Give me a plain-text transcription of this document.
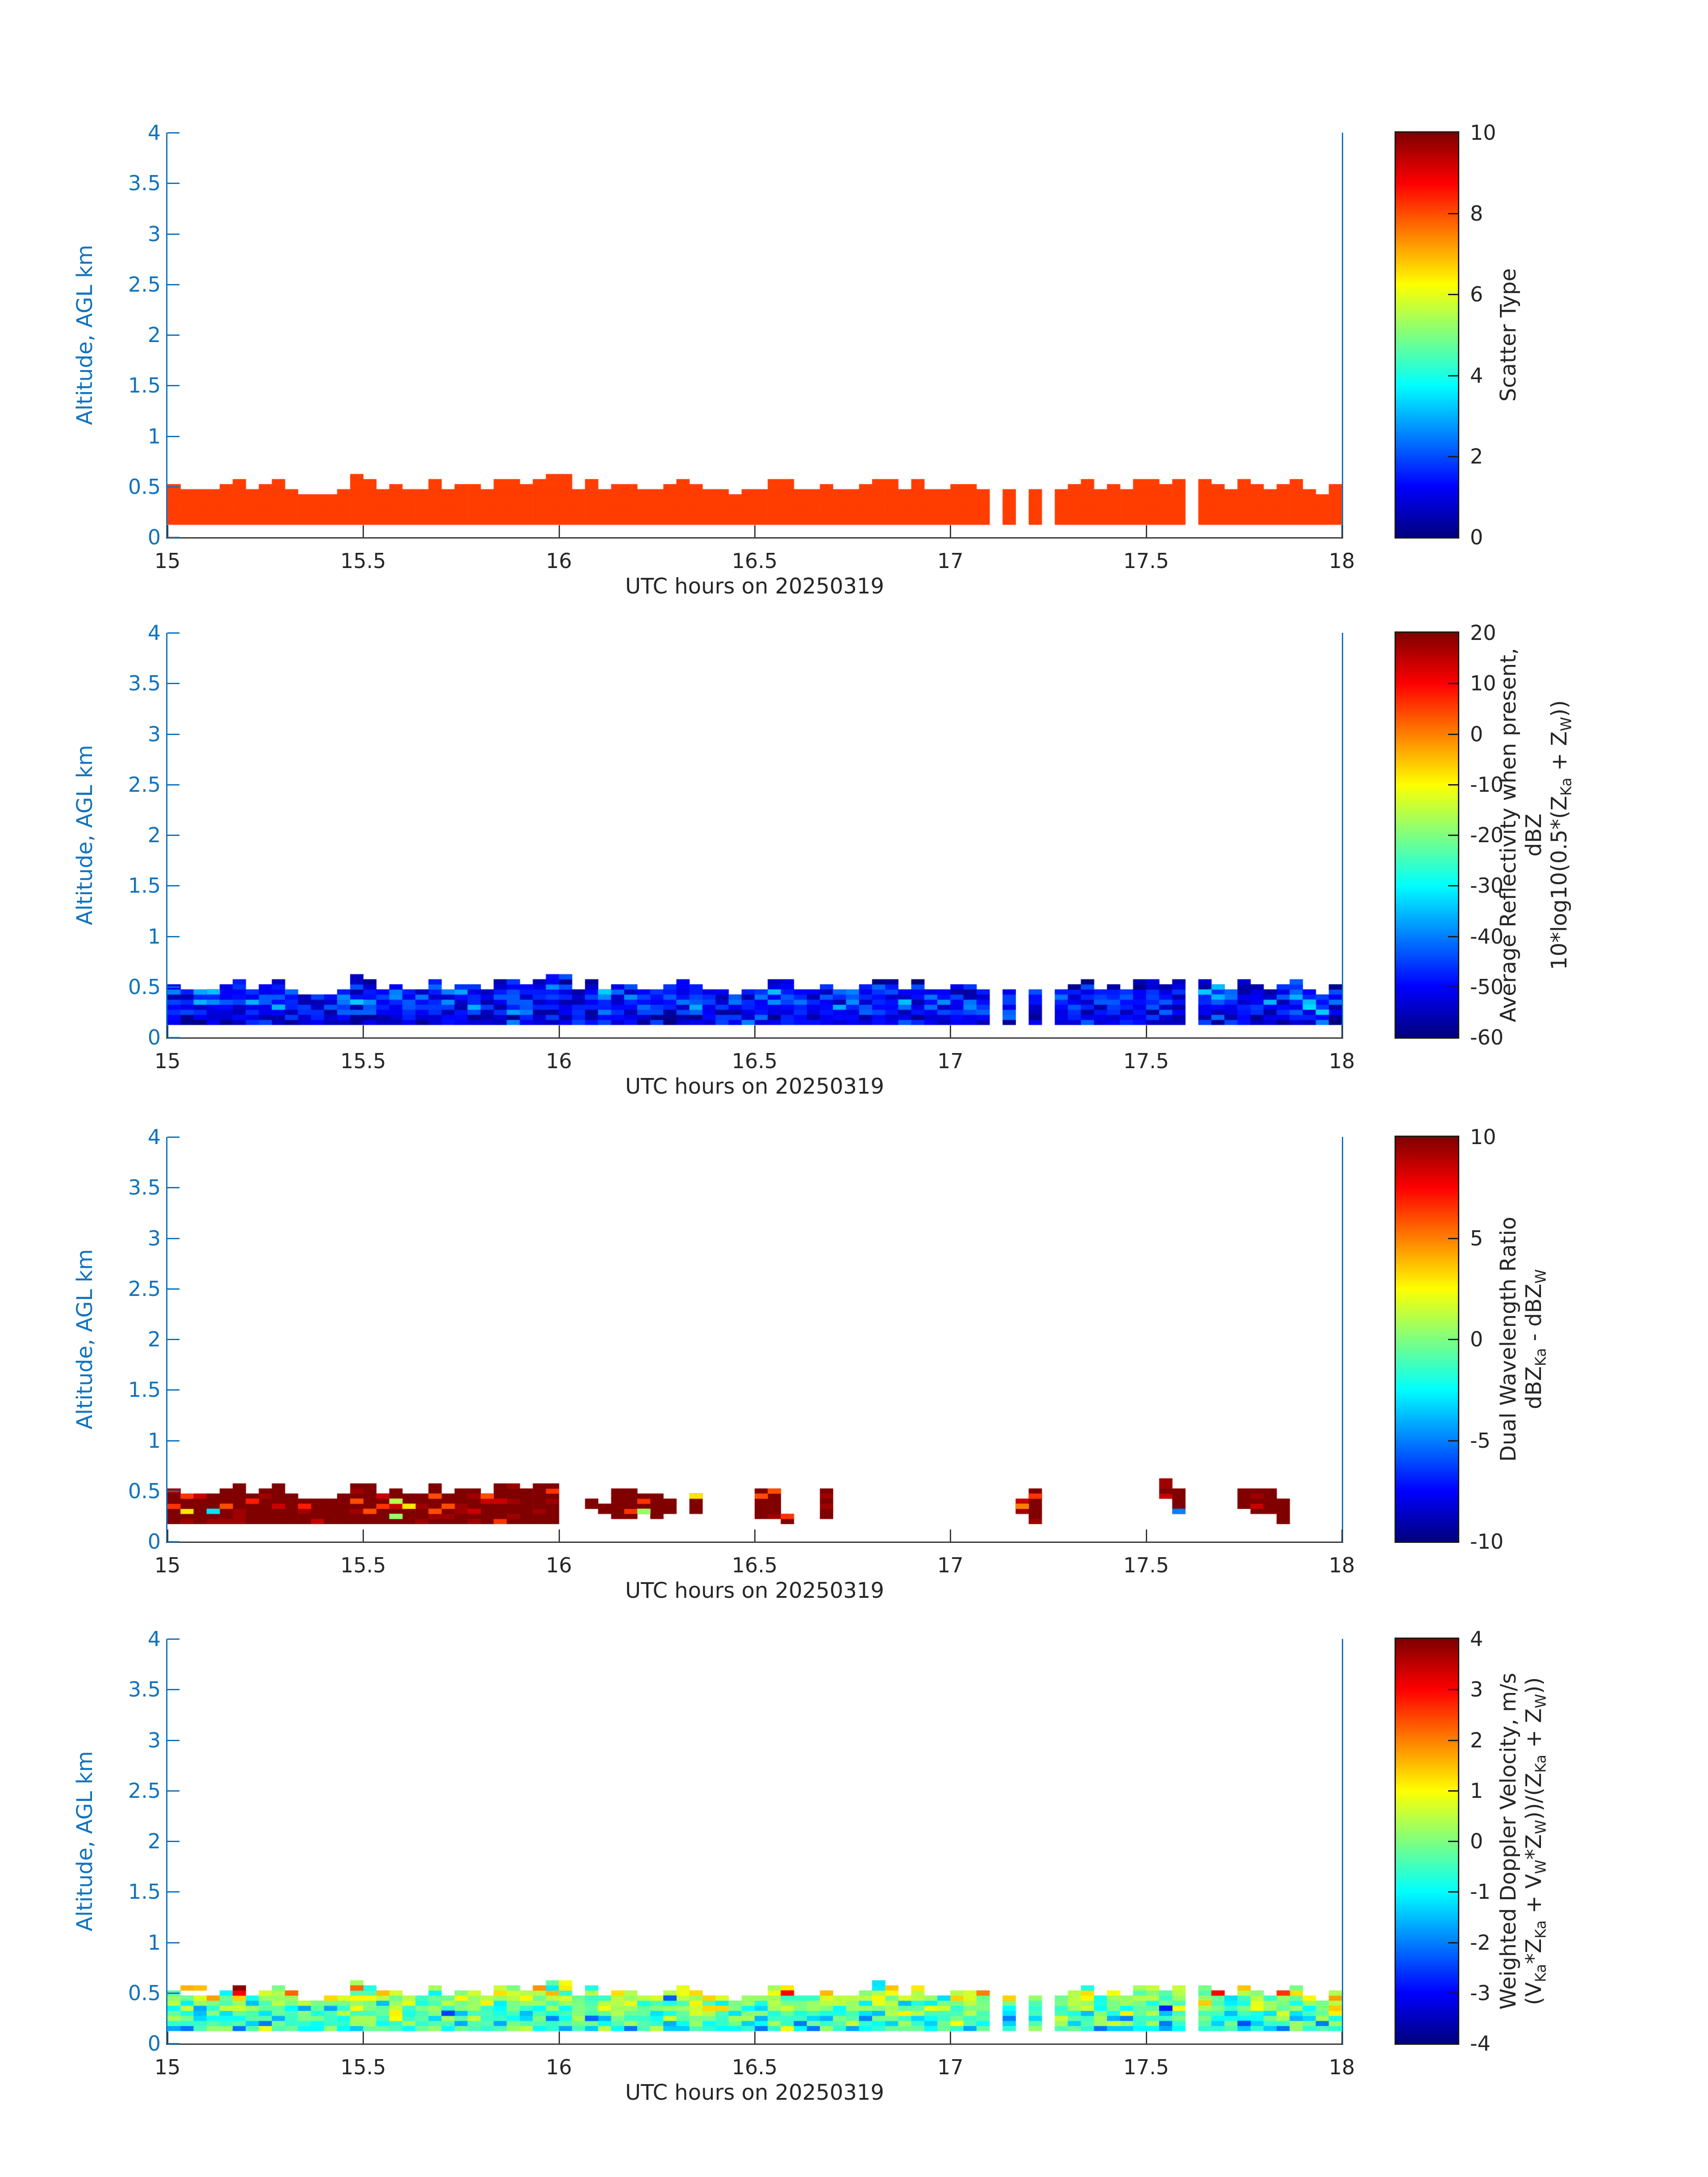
Altitude, AGL km
UTC hours on 20250319
Scatter Type
0
0.5
1
1.5
2
2.5
3
3.5
4
15	15.5	16	16.5	17	17.5	18
0
2
4
6
8
10
Altitude, AGL km
UTC hours on 20250319
Average Reflectivity when present, dBZ $10*\log 10(0.5*(Z_{Ka} + Z_W))$
0
0.5
1
1.5
2
2.5
3
3.5
4
15	15.5	16	16.5	17	17.5	18
-60
-50
-40
-30
-20
-10
0
10
20
Altitude, AGL km
UTC hours on 20250319
Dual Wavelength Ratio dBZ$_{Ka}$ - dBZ$_W$
0
0.5
1
1.5
2
2.5
3
3.5
4
15	15.5	16	16.5	17	17.5	18
-10
-5
0
5
10
Altitude, AGL km
UTC hours on 20250319
Weighted Doppler Velocity, m/s $(V_{Ka}*Z_{Ka} + V_W*Z_W))/(Z_{Ka} + Z_W)$)
0
0.5
1
1.5
2
2.5
3
3.5
4
15	15.5	16	16.5	17	17.5	18
-4
-3
-2
-1
0
1
2
3
4
